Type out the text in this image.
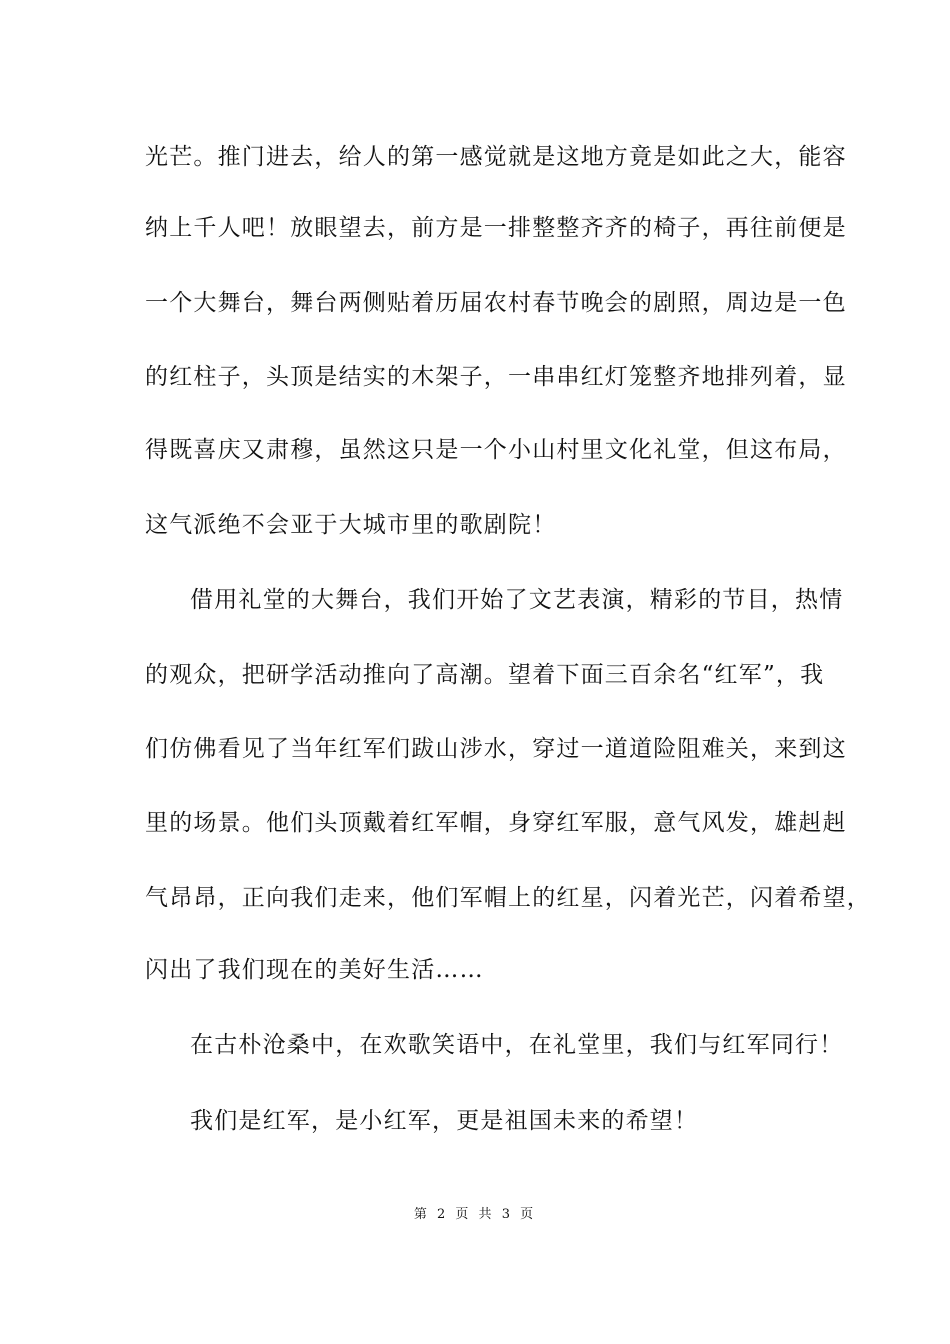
光芒。推门进去，给人的第一感觉就是这地方竟是如此之大，能容
纳上千人吧！放眼望去，前方是一排整整齐齐的椅子，再往前便是
一个大舞台，舞台两侧贴着历届农村春节晚会的剧照，周边是一色
的红柱子，头顶是结实的木架子，一串串红灯笼整齐地排列着，显
得既喜庆又肃穆，虽然这只是一个小山村里文化礼堂，但这布局，
这气派绝不会亚于大城市里的歌剧院！
借用礼堂的大舞台，我们开始了文艺表演，精彩的节目，热情
的观众，把研学活动推向了高潮。望着下面三百余名“红军”，我
们仿佛看见了当年红军们跋山涉水，穿过一道道险阻难关，来到这
里的场景。他们头顶戴着红军帽，身穿红军服，意气风发，雄赳赳
气昂昂，正向我们走来，他们军帽上的红星，闪着光芒，闪着希望，
闪出了我们现在的美好生活……
在古朴沧桑中，在欢歌笑语中，在礼堂里，我们与红军同行！
我们是红军，是小红军，更是祖国未来的希望！
第 2 页 共 3 页
